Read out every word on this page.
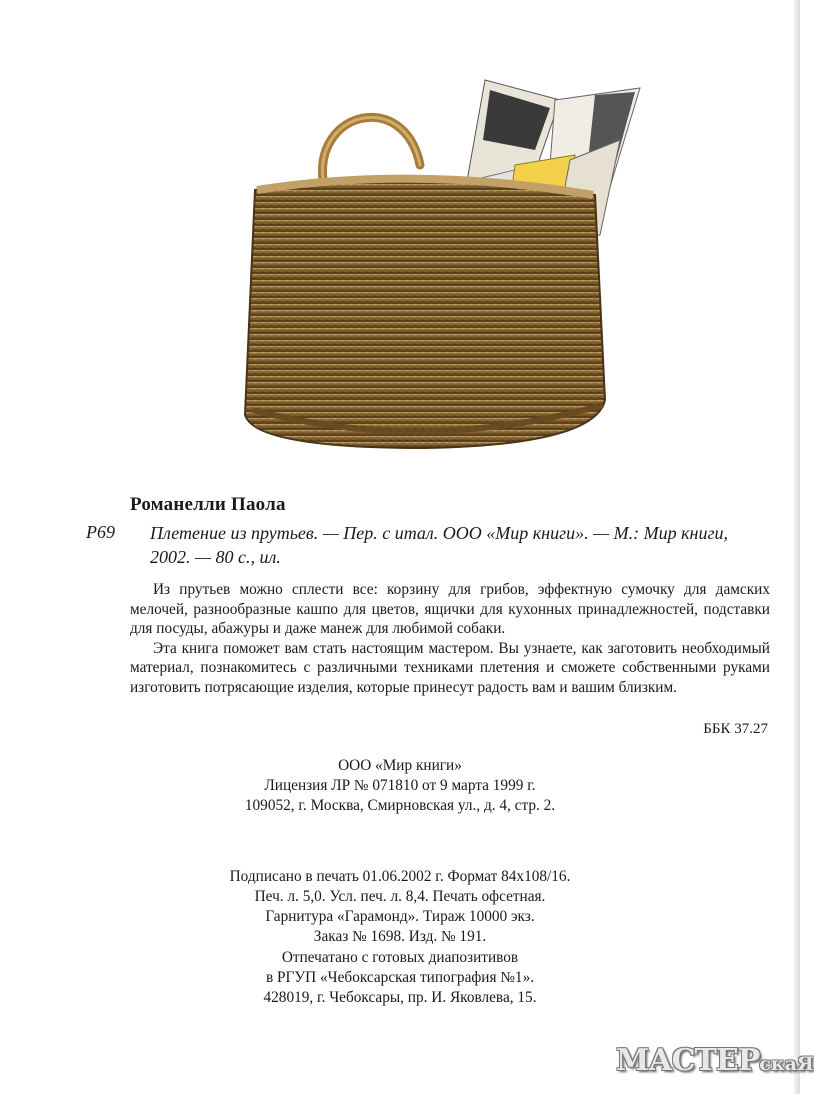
Романелли Паола
Р69 Плетение из прутьев. — Пер. с итал. ООО «Мир книги». — М.: Мир книги, 2002. — 80 с., ил.

Из прутьев можно сплести все: корзину для грибов, эффектную сумочку для дамских мелочей, разнообразные кашпо для цветов, ящички для кухонных принадлежностей, подставки для посуды, абажуры и даже манеж для любимой собаки.

Эта книга поможет вам стать настоящим мастером. Вы узнаете, как заготовить необходимый материал, познакомитесь с различными техниками плетения и сможете собственными руками изготовить потрясающие изделия, которые принесут радость вам и вашим близким.

ББК 37.27
ООО «Мир книги»
Лицензия ЛР № 071810 от 9 марта 1999 г.
109052, г. Москва, Смирновская ул., д. 4, стр. 2.
Подписано в печать 01.06.2002 г. Формат 84х108/16.
Печ. л. 5,0. Усл. печ. л. 8,4. Печать офсетная.
Гарнитура «Гарамонд». Тираж 10000 экз.
Заказ № 1698. Изд. № 191.
Отпечатано с готовых диапозитивов
в РГУП «Чебоксарская типография №1».
428019, г. Чебоксары, пр. И. Яковлева, 15.
МАСТЕРскаЯ
